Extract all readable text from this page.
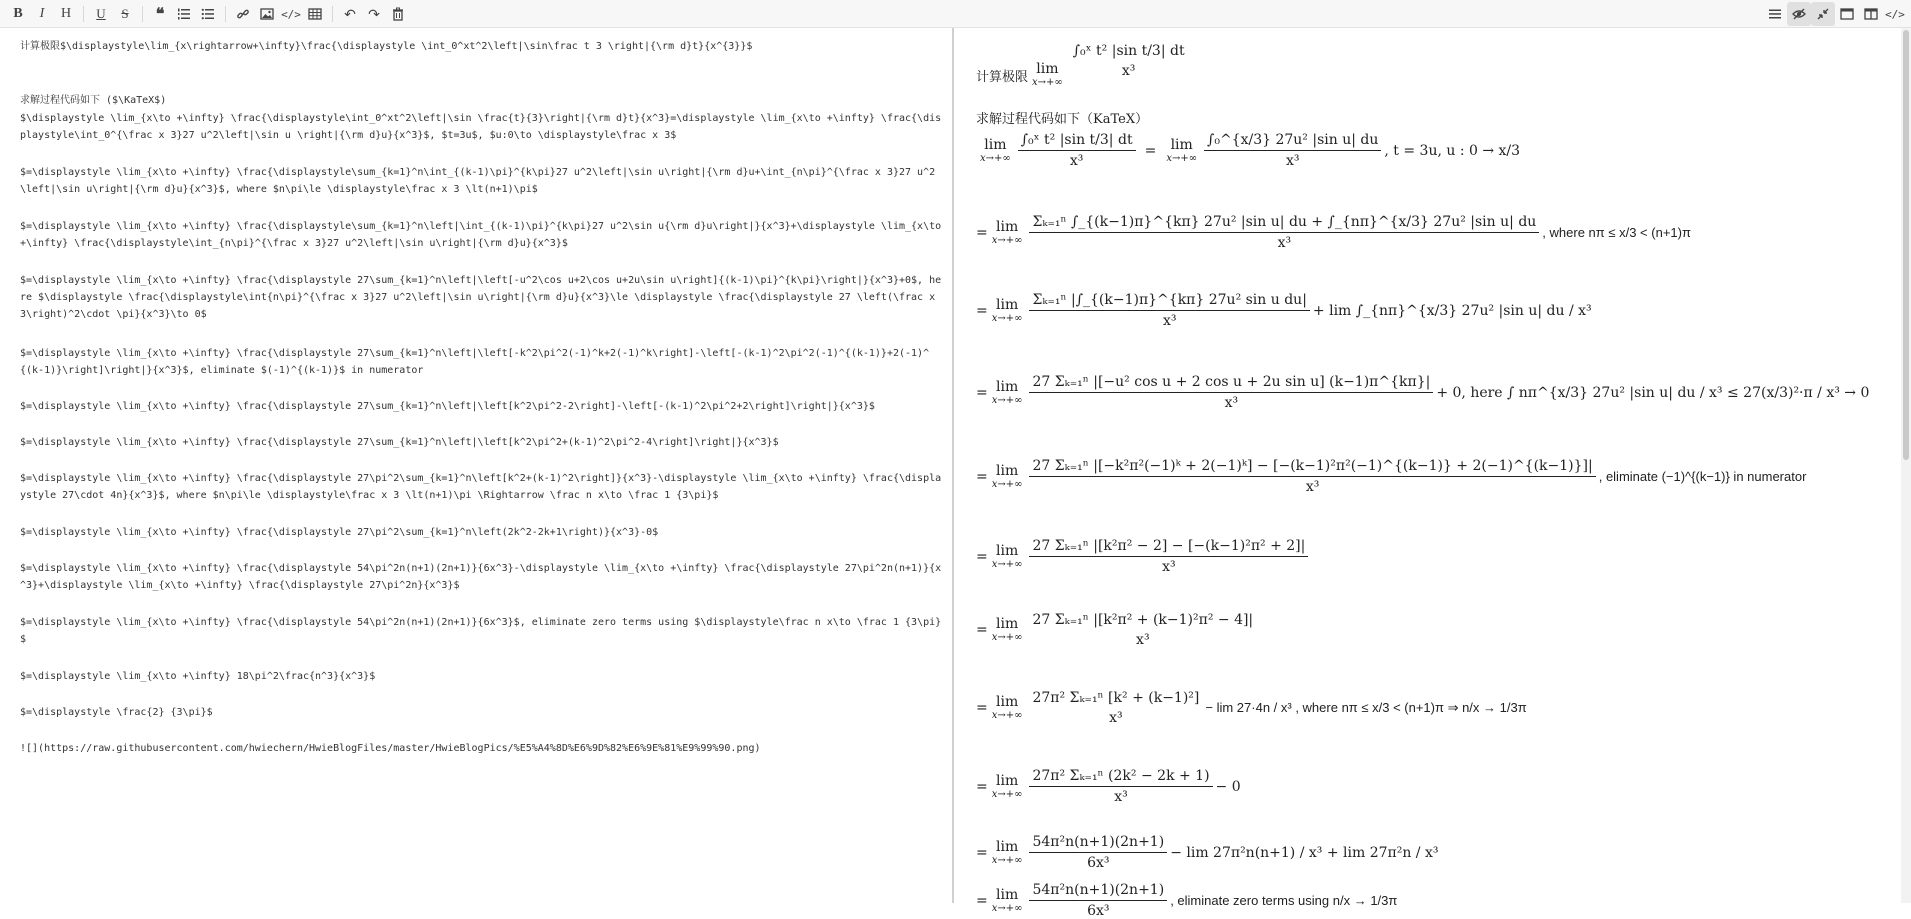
B I H U S ❝	</>	↶ ↷	</>
计算极限$\displaystyle\lim_{x\rightarrow+\infty}\frac{\displaystyle \int_0^xt^2\left|\sin\frac t 3 \right|{\rm d}t}{x^{3}}$
求解过程代码如下 ($\KaTeX$)
$\displaystyle \lim_{x\to +\infty} \frac{\displaystyle\int_0^xt^2\left|\sin \frac{t}{3}\right|{\rm d}t}{x^3}=\displaystyle \lim_{x\to +\infty} \frac{\displaystyle\int_0^{\frac x 3}27 u^2\left|\sin u \right|{\rm d}u}{x^3}$, $t=3u$, $u:0\to \displaystyle\frac x 3$
$=\displaystyle \lim_{x\to +\infty} \frac{\displaystyle\sum_{k=1}^n\int_{(k-1)\pi}^{k\pi}27 u^2\left|\sin u\right|{\rm d}u+\int_{n\pi}^{\frac x 3}27 u^2\left|\sin u\right|{\rm d}u}{x^3}$, where $n\pi\le \displaystyle\frac x 3 \lt(n+1)\pi$
$=\displaystyle \lim_{x\to +\infty} \frac{\displaystyle\sum_{k=1}^n\left|\int_{(k-1)\pi}^{k\pi}27 u^2\sin u{\rm d}u\right|}{x^3}+\displaystyle \lim_{x\to +\infty} \frac{\displaystyle\int_{n\pi}^{\frac x 3}27 u^2\left|\sin u\right|{\rm d}u}{x^3}$
$=\displaystyle \lim_{x\to +\infty} \frac{\displaystyle 27\sum_{k=1}^n\left|\left[-u^2\cos u+2\cos u+2u\sin u\right]{(k-1)\pi}^{k\pi}\right|}{x^3}+0$, here $\displaystyle \frac{\displaystyle\int{n\pi}^{\frac x 3}27 u^2\left|\sin u\right|{\rm d}u}{x^3}\le \displaystyle \frac{\displaystyle 27 \left(\frac x 3\right)^2\cdot \pi}{x^3}\to 0$
$=\displaystyle \lim_{x\to +\infty} \frac{\displaystyle 27\sum_{k=1}^n\left|\left[-k^2\pi^2(-1)^k+2(-1)^k\right]-\left[-(k-1)^2\pi^2(-1)^{(k-1)}+2(-1)^{(k-1)}\right]\right|}{x^3}$, eliminate $(-1)^{(k-1)}$ in numerator
$=\displaystyle \lim_{x\to +\infty} \frac{\displaystyle 27\sum_{k=1}^n\left|\left[k^2\pi^2-2\right]-\left[-(k-1)^2\pi^2+2\right]\right|}{x^3}$
$=\displaystyle \lim_{x\to +\infty} \frac{\displaystyle 27\sum_{k=1}^n\left|\left[k^2\pi^2+(k-1)^2\pi^2-4\right]\right|}{x^3}$
$=\displaystyle \lim_{x\to +\infty} \frac{\displaystyle 27\pi^2\sum_{k=1}^n\left[k^2+(k-1)^2\right]}{x^3}-\displaystyle \lim_{x\to +\infty} \frac{\displaystyle 27\cdot 4n}{x^3}$, where $n\pi\le \displaystyle\frac x 3 \lt(n+1)\pi \Rightarrow \frac n x\to \frac 1 {3\pi}$
$=\displaystyle \lim_{x\to +\infty} \frac{\displaystyle 27\pi^2\sum_{k=1}^n\left(2k^2-2k+1\right)}{x^3}-0$
$=\displaystyle \lim_{x\to +\infty} \frac{\displaystyle 54\pi^2n(n+1)(2n+1)}{6x^3}-\displaystyle \lim_{x\to +\infty} \frac{\displaystyle 27\pi^2n(n+1)}{x^3}+\displaystyle \lim_{x\to +\infty} \frac{\displaystyle 27\pi^2n}{x^3}$
$=\displaystyle \lim_{x\to +\infty} \frac{\displaystyle 54\pi^2n(n+1)(2n+1)}{6x^3}$, eliminate zero terms using $\displaystyle\frac n x\to \frac 1 {3\pi}$
$=\displaystyle \lim_{x\to +\infty} 18\pi^2\frac{n^3}{x^3}$
$=\displaystyle \frac{2} {3\pi}$
![](https://raw.githubusercontent.com/hwiechern/HwieBlogFiles/master/HwieBlogPics/%E5%A4%8D%E6%9D%82%E6%9E%81%E9%99%90.png)
计算极限 lim
x→+∞
∫₀ˣ t² |sin t/3| dt
x³
求解过程代码如下（KaTeX）
lim
$x\to+\infty \frac{\text{∫₀ˣ t² |sin t/3| dt}}{\text{x³}} = \lim$
$x\to+\infty \frac{\text{∫₀\textasciicircum{}\{x/3\} 27u² |sin u| du}}{\text{x³}}$ , t = 3u, u : 0 → x/3
= lim
x→+∞
Σₖ₌₁ⁿ ∫_{(k−1)π}^{kπ} 27u² |sin u| du + ∫_{nπ}^{x/3} 27u² |sin u| du
x³
, where nπ ≤ x/3 < (n+1)π
= lim
$x\to+\infty \frac{\text{Σₖ₌₁ⁿ |∫\_\{(k−1)π\}\textasciicircum{}\{kπ\} 27u² sin u du|}}{\text{x³}} + \lim$ ∫_{nπ}^{x/3} 27u² |sin u| du / x³
= lim
$x\to+\infty \frac{\text{27 Σₖ₌₁ⁿ |[−u² cos u + 2 cos u + 2u sin u] (k−1)π\textasciicircum{}\{kπ\}|}}{\text{x³}} + 0$, here ∫ nπ^{x/3} 27u² |sin u| du / x³ ≤ 27(x/3)²·π / x³ → 0
= lim
x→+∞
27 Σₖ₌₁ⁿ |[−k²π²(−1)ᵏ + 2(−1)ᵏ] − [−(k−1)²π²(−1)^{(k−1)} + 2(−1)^{(k−1)}]|
x³
, eliminate (−1)^{(k−1)} in numerator
= lim
$x\to+\infty \frac{\text{27 Σₖ₌₁ⁿ |[k²π² − 2] − [−(k−1)²π² + 2]|}}{\text{x³}}$
= lim
x→+∞
27 Σₖ₌₁ⁿ |[k²π² + (k−1)²π² − 4]|
x³
= lim
x→+∞
27π² Σₖ₌₁ⁿ [k² + (k−1)²]
x³
− lim 27·4n / x³ , where nπ ≤ x/3 < (n+1)π ⇒ n/x → 1/3π
= lim
$x\to+\infty \frac{\text{27π² Σₖ₌₁ⁿ (2k² − 2k + 1)}}{\text{x³}} - 0$
= lim
$x\to+\infty \frac{\text{54π²n(n+1)(2n+1)}}{\text{6x³}} - \lim 27\pi^2n(n+1) / x^3 + \lim 27\pi^2n / x^3$
= lim
$x\to+\infty \frac{\text{54π²n(n+1)(2n+1)}}{\text{6x³}}$ , eliminate zero terms using n/x → 1/3π
